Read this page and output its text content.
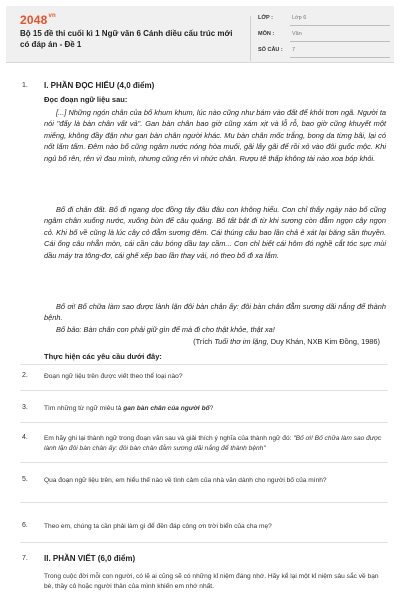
$2048^{vn}$
Bộ 15 đề thi cuối kì 1 Ngữ văn 6 Cánh diều cấu trúc mới có đáp án - Đề 1
LỚP :	Lớp 6
MÔN :	Văn
SỐ CÂU : 7
1. I. PHẦN ĐỌC HIỂU (4,0 điểm)
Đọc đoạn ngữ liệu sau:
[...] Những ngón chân của bố khum khum, lúc nào cũng như bám vào đất để khỏi trơn ngã. Người ta nói "đấy là bàn chân vất vả". Gan bàn chân bao giờ cũng xám xịt và lỗ rỗ, bao giờ cũng khuyết một miếng, không đầy đặn như gan bàn chân người khác. Mu bàn chân mốc trắng, bong da từng bãi, lại có nốt lấm tấm. Đêm nào bố cũng ngâm nước nóng hòa muối, gãi lấy gãi để rồi xỏ vào đôi guốc mộc. Khi ngủ bố rên, rên vì đau mình, nhưng cũng rên vì nhức chân. Rượu tê thấp không tài nào xoa bóp khỏi.
Bố đi chăn đất. Bố đi ngang dọc đồng tây đâu đâu con không hiểu. Con chỉ thấy ngày nào bố cũng ngâm chân xuống nước, xuống bùn để câu quăng. Bố tất bật đi từ khi sương còn đẫm ngọn cây ngọn cỏ. Khi bố về cũng là lúc cây cỏ đẫm sương đêm. Cái thúng câu bao lần chả ẻ xát lại băng sần thuyền. Cái ống câu nhẵn mòn, cái cần câu bóng dầu tay cầm... Con chỉ biết cái hôm đó nghề cắt tóc sực mùi dầu máy tra tông-đơ, cái ghế xếp bao lần thay vải, nó theo bố đi xa lắm.
Bố ơi! Bố chữa làm sao được lành lặn đôi bàn chân ấy: đôi bàn chân đẫm sương dãi nắng để thành bệnh.
Bố bảo: Bàn chân con phải giữ gìn để mà đi cho thật khỏe, thật xa!
(Trích Tuổi thơ im lặng, Duy Khán, NXB Kim Đồng, 1986)
Thực hiện các yêu cầu dưới đây:
2. Đoạn ngữ liệu trên được viết theo thể loại nào?
3. Tìm những từ ngữ miêu tả gan bàn chân của người bố?
4. Em hãy ghi lại thành ngữ trong đoạn văn sau và giải thích ý nghĩa của thành ngữ đó: "Bố ơi! Bố chữa làm sao được lành lặn đôi bàn chân ấy: đôi bàn chân đẫm sương dãi nắng để thành bệnh"
5. Qua đoạn ngữ liệu trên, em hiểu thế nào về tình cảm của nhà văn dành cho người bố của mình?
6. Theo em, chúng ta cần phải làm gì để đền đáp công ơn trời biển của cha mẹ?
7. II. PHẦN VIẾT (6,0 điểm)
Trong cuộc đời mỗi con người, có lẽ ai cũng sẽ có những kỉ niệm đáng nhớ. Hãy kể lại một kỉ niệm sâu sắc về bạn bè, thầy cô hoặc người thân của mình khiến em nhớ nhất.
